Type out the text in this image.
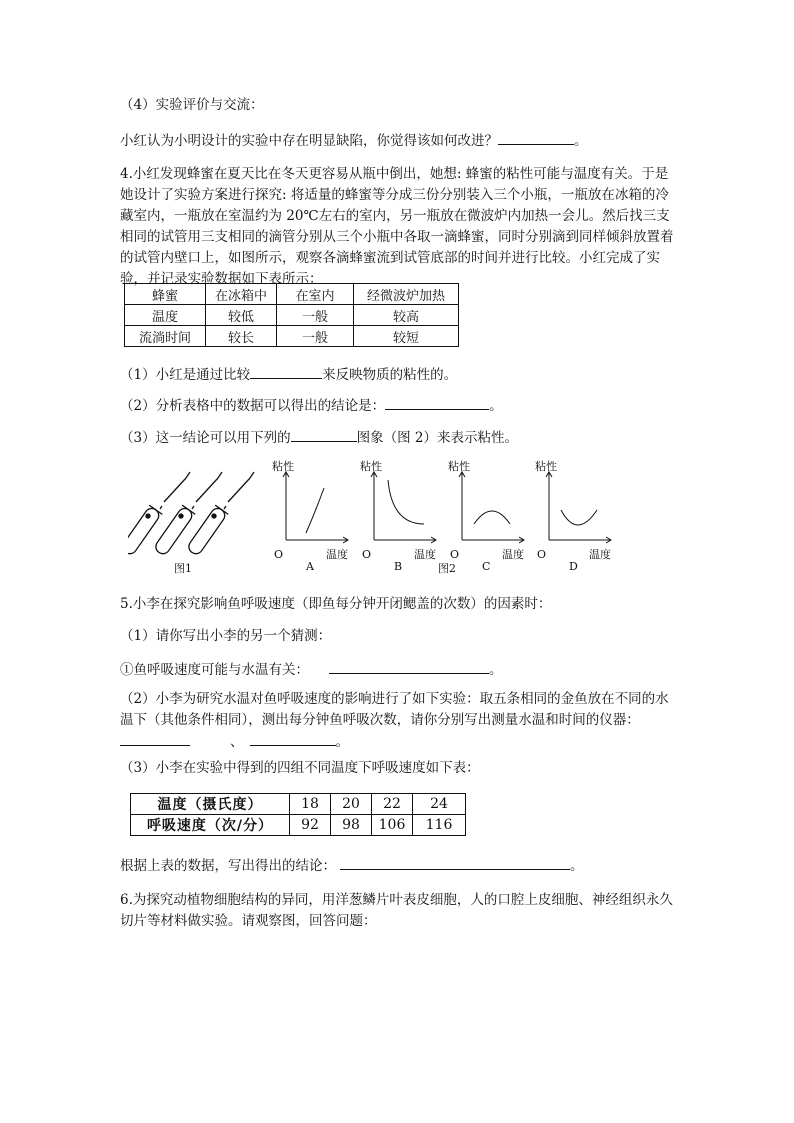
（4）实验评价与交流：

小红认为小明设计的实验中存在明显缺陷，你觉得该如何改进？	。

4.小红发现蜂蜜在夏天比在冬天更容易从瓶中倒出，她想: 蜂蜜的粘性可能与温度有关。于是她设计了实验方案进行探究: 将适量的蜂蜜等分成三份分别装入三个小瓶，一瓶放在冰箱的冷藏室内，一瓶放在室温约为 20℃左右的室内，另一瓶放在微波炉内加热一会儿。然后找三支相同的试管用三支相同的滴管分别从三个小瓶中各取一滴蜂蜜，同时分别滴到同样倾斜放置着的试管内壁口上，如图所示，观察各滴蜂蜜流到试管底部的时间并进行比较。小红完成了实验，并记录实验数据如下表所示：

蜂蜜	在冰箱中	在室内	经微波炉加热
温度	较低	一般	较高
流淌时间	较长	一般	较短

（1）小红是通过比较	来反映物质的粘性的。

（2）分析表格中的数据可以得出的结论是：	。

（3）这一结论可以用下列的	图象（图 2）来表示粘性。

图1
粘性
温度
O
A
粘性
温度
O
B
粘性
温度
O
C
粘性
温度
O
D
图2

5.小李在探究影响鱼呼吸速度（即鱼每分钟开闭鳃盖的次数）的因素时：

（1）请你写出小李的另一个猜测：

①鱼呼吸速度可能与水温有关：	。

（2）小李为研究水温对鱼呼吸速度的影响进行了如下实验：取五条相同的金鱼放在不同的水温下（其他条件相同），测出每分钟鱼呼吸次数，请你分别写出测量水温和时间的仪器：
、	。

（3）小李在实验中得到的四组不同温度下呼吸速度如下表：

温度（摄氏度）	18	20	22	24
呼吸速度（次/分）	92	98	106	116

根据上表的数据，写出得出的结论：	。

6.为探究动植物细胞结构的异同，用洋葱鳞片叶表皮细胞，人的口腔上皮细胞、神经组织永久切片等材料做实验。请观察图，回答问题：
